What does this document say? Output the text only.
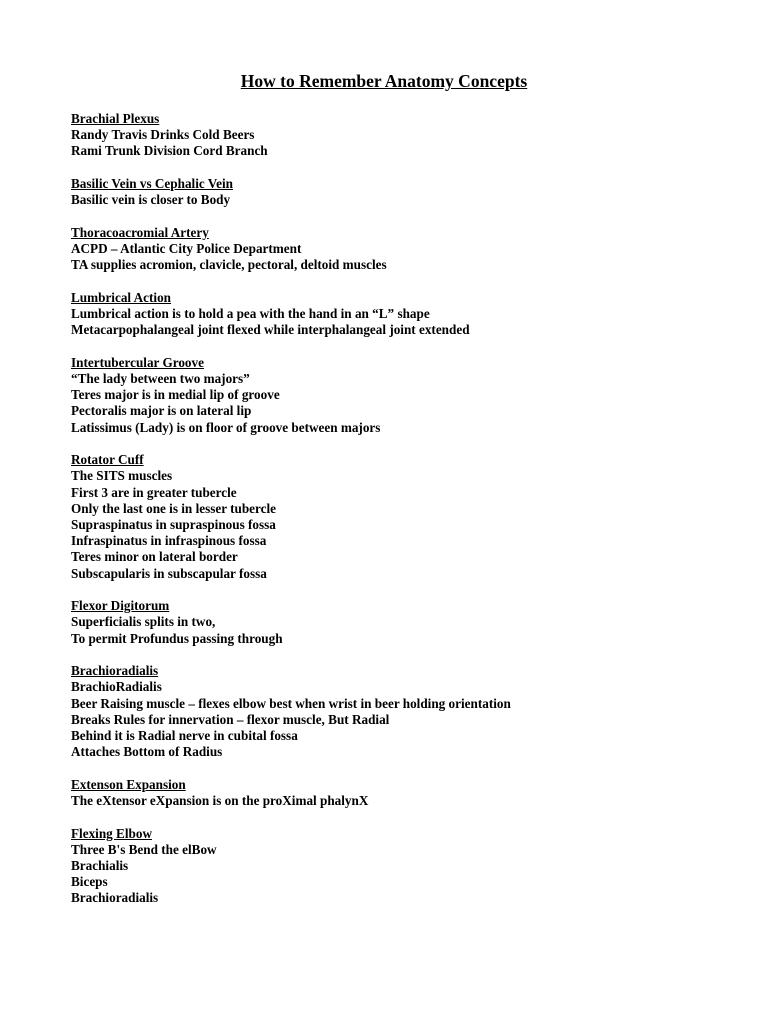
How to Remember Anatomy Concepts
Brachial Plexus
Randy Travis Drinks Cold Beers
Rami Trunk Division Cord Branch
Basilic Vein vs Cephalic Vein
Basilic vein is closer to Body
Thoracoacromial Artery
ACPD – Atlantic City Police Department
TA supplies acromion, clavicle, pectoral, deltoid muscles
Lumbrical Action
Lumbrical action is to hold a pea with the hand in an “L” shape
Metacarpophalangeal joint flexed while interphalangeal joint extended
Intertubercular Groove
“The lady between two majors”
Teres major is in medial lip of groove
Pectoralis major is on lateral lip
Latissimus (Lady) is on floor of groove between majors
Rotator Cuff
The SITS muscles
First 3 are in greater tubercle
Only the last one is in lesser tubercle
Supraspinatus in supraspinous fossa
Infraspinatus in infraspinous fossa
Teres minor on lateral border
Subscapularis in subscapular fossa
Flexor Digitorum
Superficialis splits in two,
To permit Profundus passing through
Brachioradialis
BrachioRadialis
Beer Raising muscle – flexes elbow best when wrist in beer holding orientation
Breaks Rules for innervation – flexor muscle, But Radial
Behind it is Radial nerve in cubital fossa
Attaches Bottom of Radius
Extenson Expansion
The eXtensor eXpansion is on the proXimal phalynX
Flexing Elbow
Three B's Bend the elBow
Brachialis
Biceps
Brachioradialis
